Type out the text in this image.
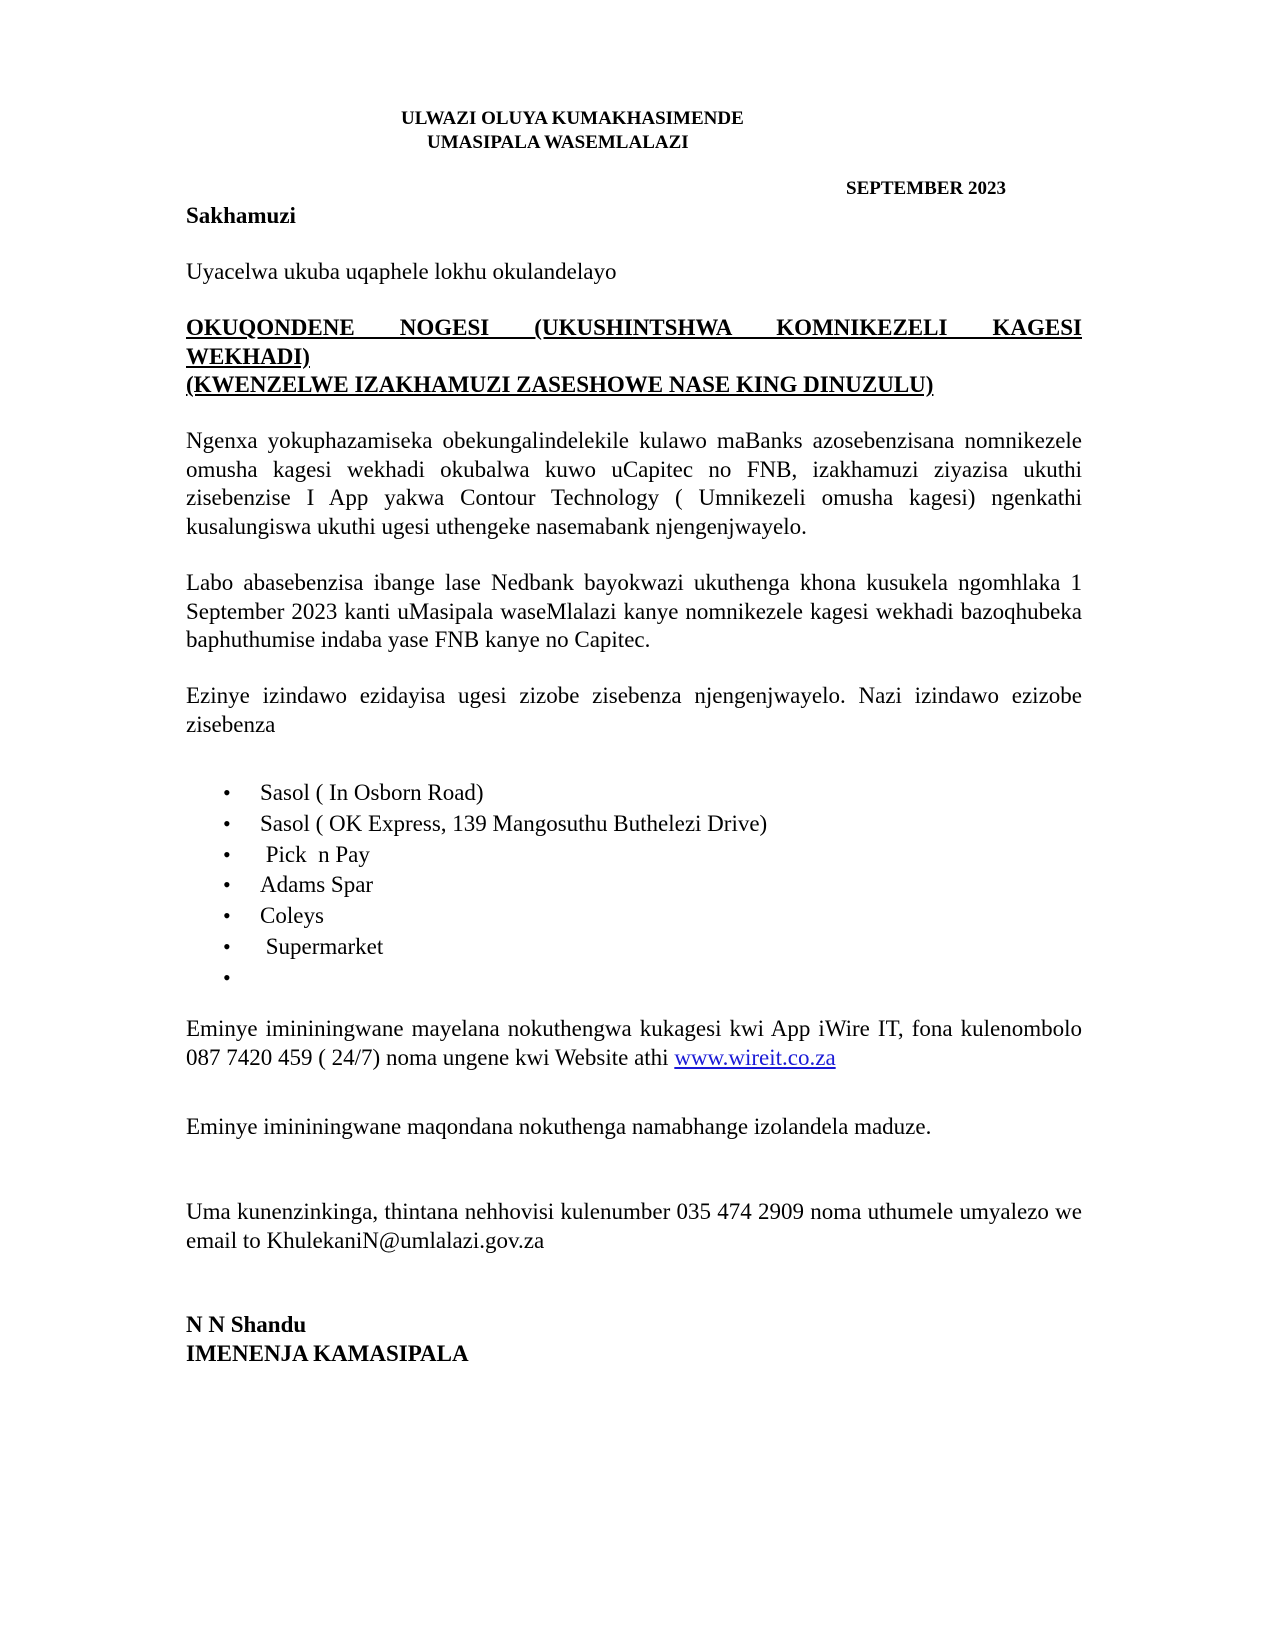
ULWAZI OLUYA KUMAKHASIMENDE
UMASIPALA WASEMLALAZI
SEPTEMBER 2023
Sakhamuzi

Uyacelwa ukuba uqaphele lokhu okulandelayo

OKUQONDENE NOGESI (UKUSHINTSHWA KOMNIKEZELI KAGESI
WEKHADI)
(KWENZELWE IZAKHAMUZI ZASESHOWE NASE KING DINUZULU)

Ngenxa yokuphazamiseka obekungalindelekile kulawo maBanks azosebenzisana nomnikezele omusha kagesi wekhadi okubalwa kuwo uCapitec no FNB, izakhamuzi ziyazisa ukuthi zisebenzise I App yakwa Contour Technology ( Umnikezeli omusha kagesi) ngenkathi kusalungiswa ukuthi ugesi uthengeke nasemabank njengenjwayelo.

Labo abasebenzisa ibange lase Nedbank bayokwazi ukuthenga khona kusukela ngomhlaka 1 September 2023 kanti uMasipala waseMlalazi kanye nomnikezele kagesi wekhadi bazoqhubeka baphuthumise indaba yase FNB kanye no Capitec.

Ezinye izindawo ezidayisa ugesi zizobe zisebenza njengenjwayelo. Nazi izindawo ezizobe zisebenza

• Sasol ( In Osborn Road)
• Sasol ( OK Express, 139 Mangosuthu Buthelezi Drive)
• Pick  n Pay
• Adams Spar
• Coleys
• Supermarket
•

Eminye imininingwane mayelana nokuthengwa kukagesi kwi App iWire IT, fona kulenombolo 087 7420 459 ( 24/7) noma ungene kwi Website athi www.wireit.co.za

Eminye imininingwane maqondana nokuthenga namabhange izolandela maduze.

Uma kunenzinkinga, thintana nehhovisi kulenumber 035 474 2909 noma uthumele umyalezo we email to KhulekaniN@umlalazi.gov.za

N N Shandu
IMENENJA KAMASIPALA
